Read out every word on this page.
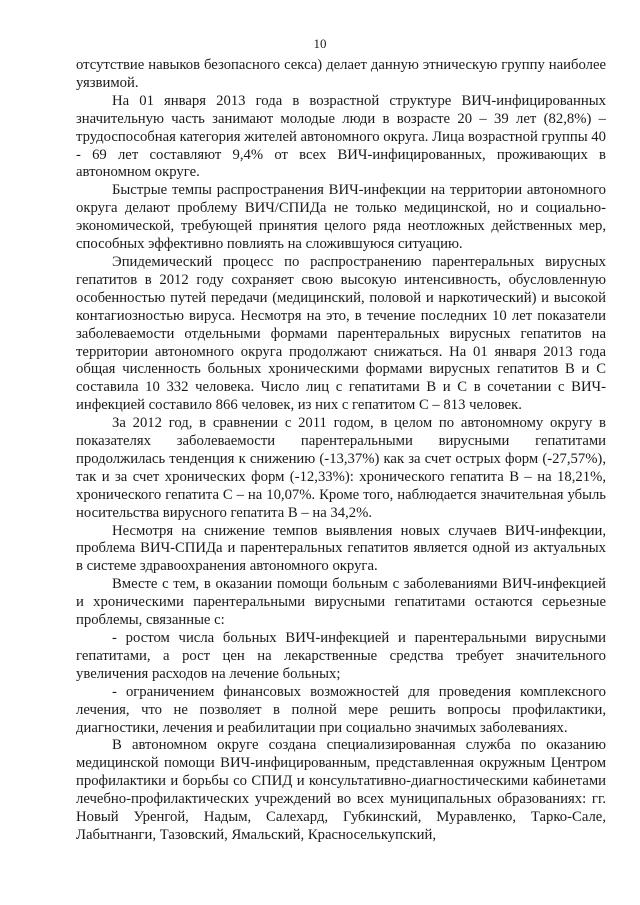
10

отсутствие навыков безопасного секса) делает данную этническую группу наиболее уязвимой.

На 01 января 2013 года в возрастной структуре ВИЧ-инфицированных значительную часть занимают молодые люди в возрасте 20 – 39 лет (82,8%) – трудоспособная категория жителей автономного округа. Лица возрастной группы 40 - 69 лет составляют 9,4% от всех ВИЧ-инфицированных, проживающих в автономном округе.

Быстрые темпы распространения ВИЧ-инфекции на территории автономного округа делают проблему ВИЧ/СПИДа не только медицинской, но и социально-экономической, требующей принятия целого ряда неотложных действенных мер, способных эффективно повлиять на сложившуюся ситуацию.

Эпидемический процесс по распространению парентеральных вирусных гепатитов в 2012 году сохраняет свою высокую интенсивность, обусловленную особенностью путей передачи (медицинский, половой и наркотический) и высокой контагиозностью вируса. Несмотря на это, в течение последних 10 лет показатели заболеваемости отдельными формами парентеральных вирусных гепатитов на территории автономного округа продолжают снижаться. На 01 января 2013 года общая численность больных хроническими формами вирусных гепатитов В и С составила 10 332 человека. Число лиц с гепатитами В и С в сочетании с ВИЧ-инфекцией составило 866 человек, из них с гепатитом С – 813 человек.

За 2012 год, в сравнении с 2011 годом, в целом по автономному округу в показателях заболеваемости парентеральными вирусными гепатитами продолжилась тенденция к снижению (-13,37%) как за счет острых форм (-27,57%), так и за счет хронических форм (-12,33%): хронического гепатита В – на 18,21%, хронического гепатита С – на 10,07%. Кроме того, наблюдается значительная убыль носительства вирусного гепатита В – на 34,2%.

Несмотря на снижение темпов выявления новых случаев ВИЧ-инфекции, проблема ВИЧ-СПИДа и парентеральных гепатитов является одной из актуальных в системе здравоохранения автономного округа.

Вместе с тем, в оказании помощи больным с заболеваниями ВИЧ-инфекцией и хроническими парентеральными вирусными гепатитами остаются серьезные проблемы, связанные с:

- ростом числа больных ВИЧ-инфекцией и парентеральными вирусными гепатитами, а рост цен на лекарственные средства требует значительного увеличения расходов на лечение больных;

- ограничением финансовых возможностей для проведения комплексного лечения, что не позволяет в полной мере решить вопросы профилактики, диагностики, лечения и реабилитации при социально значимых заболеваниях.

В автономном округе создана специализированная служба по оказанию медицинской помощи ВИЧ-инфицированным, представленная окружным Центром профилактики и борьбы со СПИД и консультативно-диагностическими кабинетами лечебно-профилактических учреждений во всех муниципальных образованиях: гг. Новый Уренгой, Надым, Салехард, Губкинский, Муравленко, Тарко-Сале, Лабытнанги, Тазовский, Ямальский, Красноселькупский,
